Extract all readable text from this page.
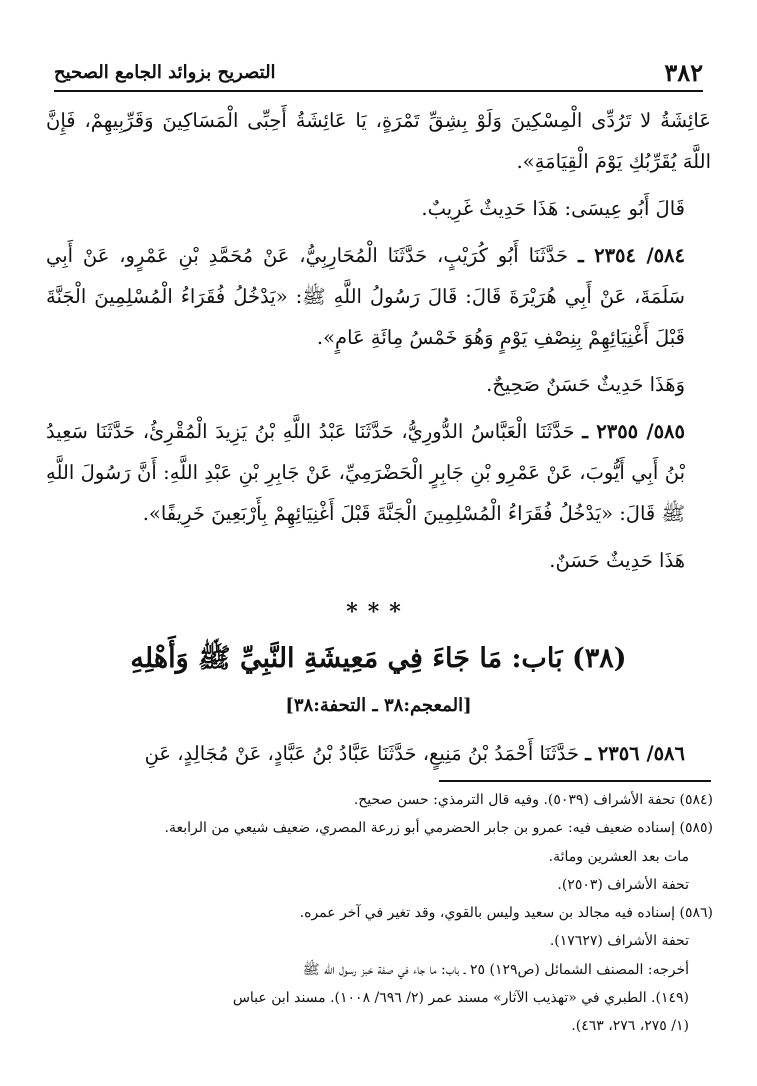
٣٨٢
التصريح بزوائد الجامع الصحيح

عَائِشَةُ لا تَرُدِّى الْمِسْكِينَ وَلَوْ بِشِقِّ تَمْرَةٍ، يَا عَائِشَةُ أَحِبِّى الْمَسَاكِينَ وَقَرِّبِيهِمْ، فَإِنَّ اللَّهَ يُقَرِّبُكِ يَوْمَ الْقِيَامَةِ».

قَالَ أَبُو عِيسَى: هَذَا حَدِيثٌ غَرِيبٌ.

٥٨٤/ ٢٣٥٤ ـ حَدَّثَنَا أَبُو كُرَيْبٍ، حَدَّثَنَا الْمُحَارِبِيُّ، عَنْ مُحَمَّدِ بْنِ عَمْرٍو، عَنْ أَبِي سَلَمَةَ، عَنْ أَبِي هُرَيْرَةَ قَالَ: قَالَ رَسُولُ اللَّهِ ﷺ: «يَدْخُلُ فُقَرَاءُ الْمُسْلِمِينَ الْجَنَّةَ قَبْلَ أَغْنِيَائِهِمْ بِنِصْفِ يَوْمٍ وَهُوَ خَمْسُ مِائَةِ عَامٍ».

وَهَذَا حَدِيثٌ حَسَنٌ صَحِيحٌ.

٥٨٥/ ٢٣٥٥ ـ حَدَّثَنَا الْعَبَّاسُ الدُّورِيُّ، حَدَّثَنَا عَبْدُ اللَّهِ بْنُ يَزِيدَ الْمُقْرِئُ، حَدَّثَنَا سَعِيدُ بْنُ أَبِي أَيُّوبَ، عَنْ عَمْرِو بْنِ جَابِرٍ الْحَضْرَمِيِّ، عَنْ جَابِرِ بْنِ عَبْدِ اللَّهِ: أَنَّ رَسُولَ اللَّهِ ﷺ قَالَ: «يَدْخُلُ فُقَرَاءُ الْمُسْلِمِينَ الْجَنَّةَ قَبْلَ أَغْنِيَائِهِمْ بِأَرْبَعِينَ خَرِيفًا».

هَذَا حَدِيثٌ حَسَنٌ.

***
(٣٨) بَاب: مَا جَاءَ فِي مَعِيشَةِ النَّبِيِّ ﷺ وَأَهْلِهِ
[المعجم:٣٨ ـ التحفة:٣٨]

٥٨٦/ ٢٣٥٦ ـ حَدَّثَنَا أَحْمَدُ بْنُ مَنِيعٍ، حَدَّثَنَا عَبَّادُ بْنُ عَبَّادٍ، عَنْ مُجَالِدٍ، عَنِ

(٥٨٤) تحفة الأشراف (٥٠٣٩). وفيه قال الترمذي: حسن صحيح.

(٥٨٥) إسناده ضعيف فيه: عمرو بن جابر الحضرمي أبو زرعة المصري، ضعيف شيعي من الرابعة.

مات بعد العشرين ومائة.

تحفة الأشراف (٢٥٠٣).

(٥٨٦) إسناده فيه مجالد بن سعيد وليس بالقوي، وقد تغير في آخر عمره.

تحفة الأشراف (١٧٦٢٧).

أخرجه: المصنف الشمائل (ص١٢٩) ٢٥ ـ باب: ما جاء في صفة خبز رسول الله ﷺ

(١٤٩). الطبري في «تهذيب الآثار» مسند عمر (٢/ ٦٩٦/ ١٠٠٨). مسند ابن عباس

(١/ ٢٧٥، ٢٧٦، ٤٦٣).
